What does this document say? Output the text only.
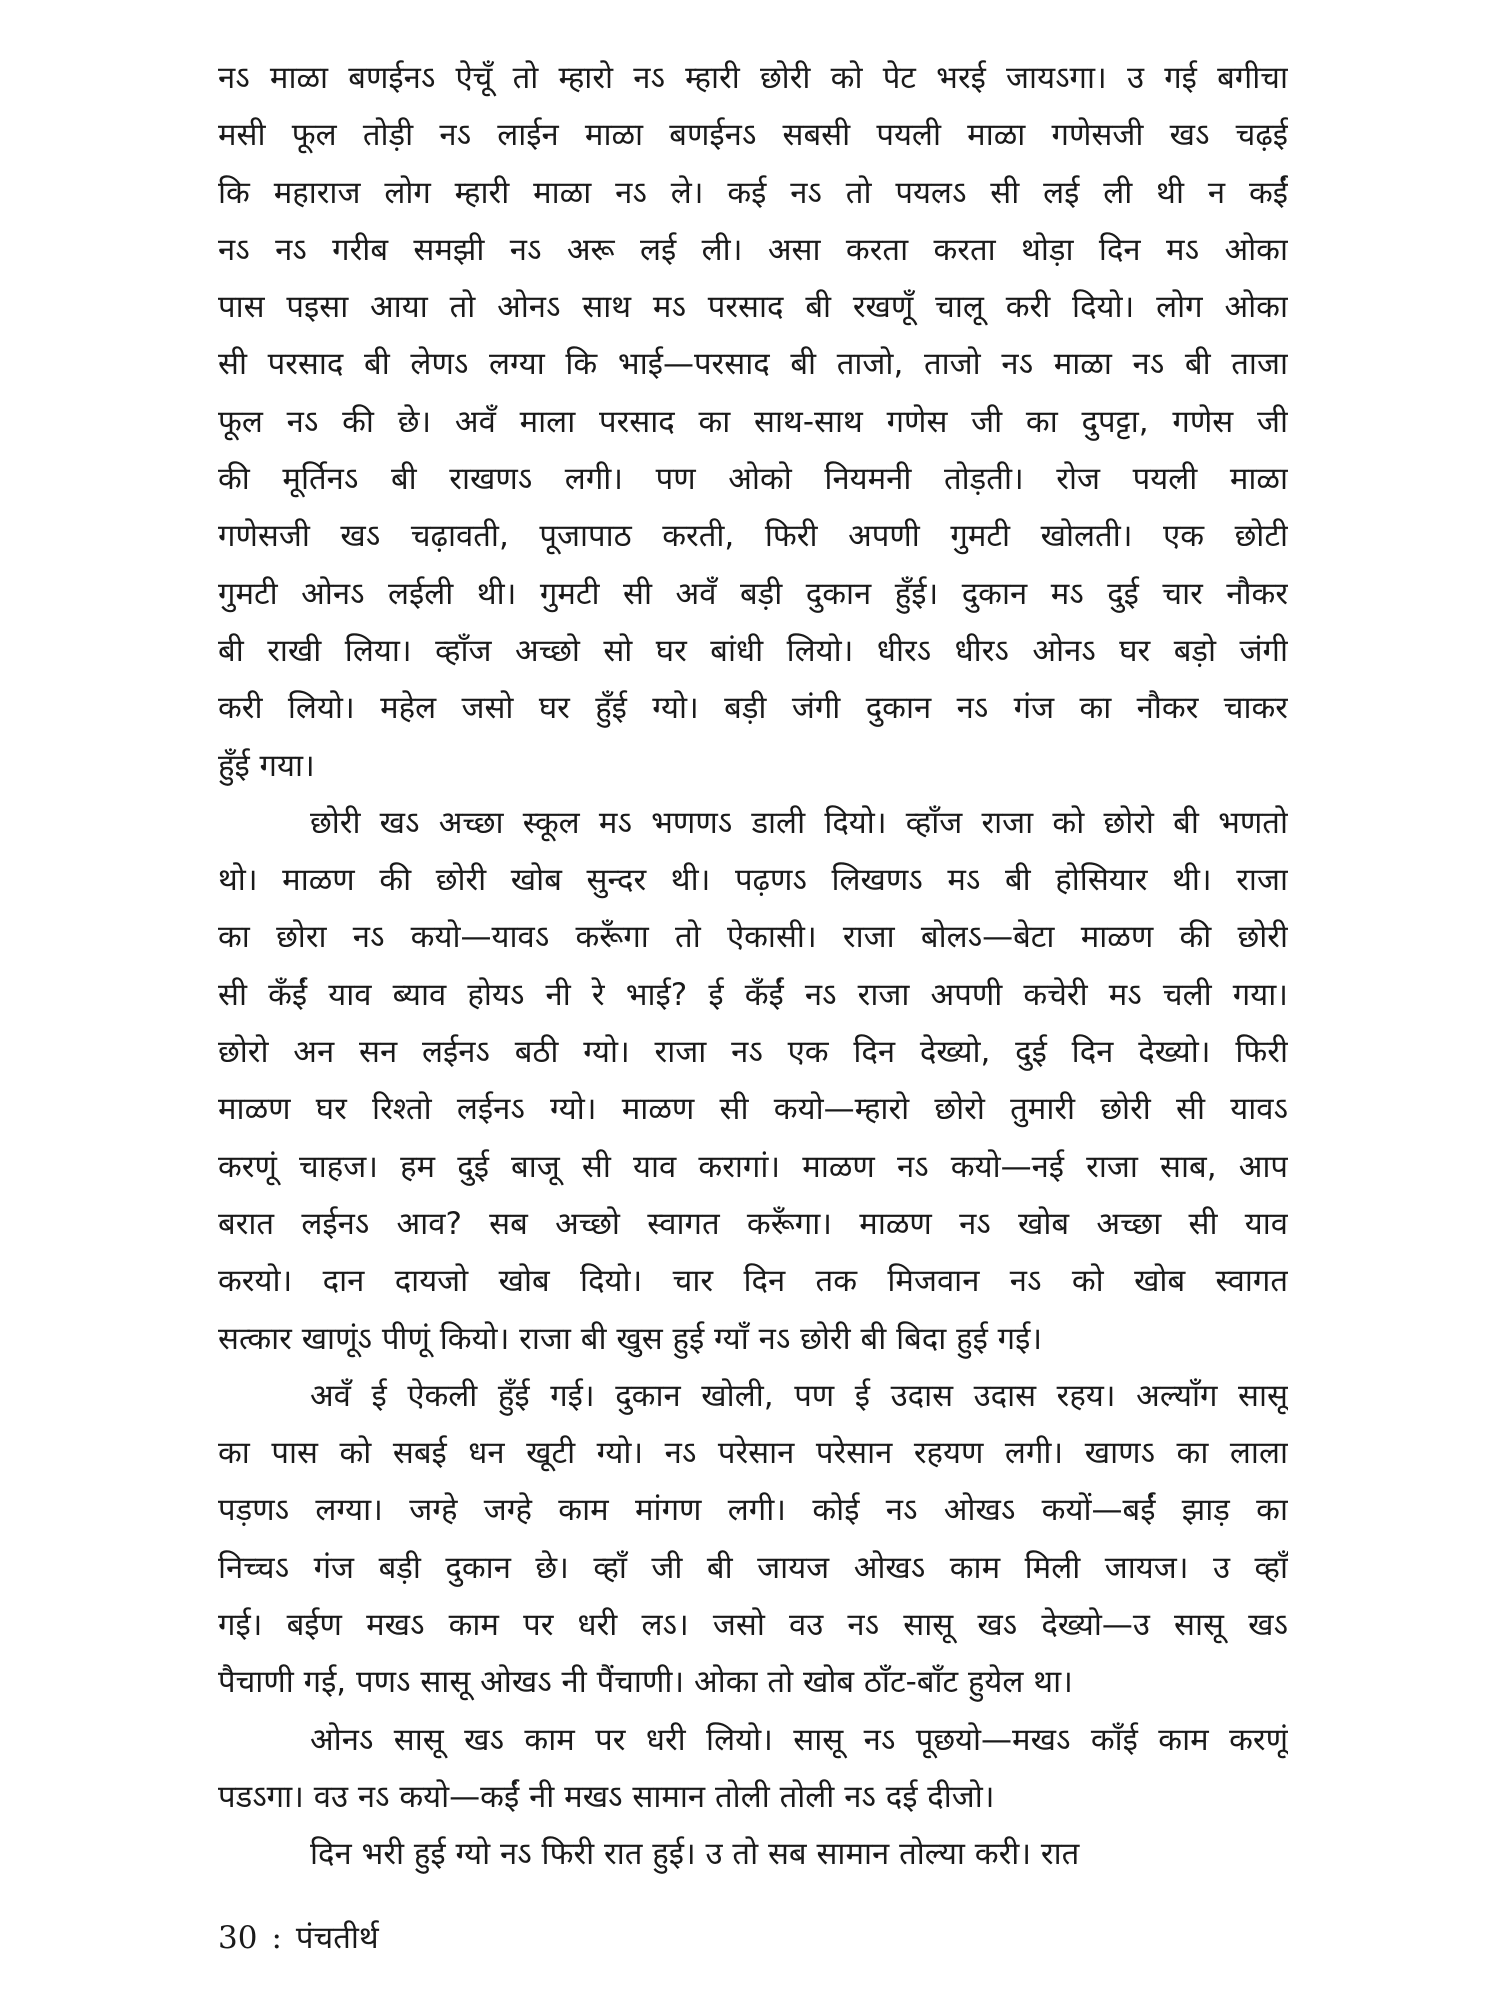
नऽ माळा बणईनऽ ऐचूँ तो म्हारो नऽ म्हारी छोरी को पेट भरई जायऽगा। उ गई बगीचा
मसी फूल तोड़ी नऽ लाईन माळा बणईनऽ सबसी पयली माळा गणेसजी खऽ चढ़ई
कि महाराज लोग म्हारी माळा नऽ ले। कई नऽ तो पयलऽ सी लई ली थी न कईं
नऽ नऽ गरीब समझी नऽ अरू लई ली। असा करता करता थोड़ा दिन मऽ ओका
पास पइसा आया तो ओनऽ साथ मऽ परसाद बी रखणूँ चालू करी दियो। लोग ओका
सी परसाद बी लेणऽ लग्या कि भाई—परसाद बी ताजो, ताजो नऽ माळा नऽ बी ताजा
फूल नऽ की छे। अवँ माला परसाद का साथ-साथ गणेस जी का दुपट्टा, गणेस जी
की मूर्तिनऽ बी राखणऽ लगी। पण ओको नियमनी तोड़ती। रोज पयली माळा
गणेसजी खऽ चढ़ावती, पूजापाठ करती, फिरी अपणी गुमटी खोलती। एक छोटी
गुमटी ओनऽ लईली थी। गुमटी सी अवँ बड़ी दुकान हुँई। दुकान मऽ दुई चार नौकर
बी राखी लिया। व्हाँज अच्छो सो घर बांधी लियो। धीरऽ धीरऽ ओनऽ घर बड़ो जंगी
करी लियो। महेल जसो घर हुँई ग्यो। बड़ी जंगी दुकान नऽ गंज का नौकर चाकर
हुँई गया।
छोरी खऽ अच्छा स्कूल मऽ भणणऽ डाली दियो। व्हाँज राजा को छोरो बी भणतो
थो। माळण की छोरी खोब सुन्दर थी। पढ़णऽ लिखणऽ मऽ बी होसियार थी। राजा
का छोरा नऽ कयो—यावऽ करूँगा तो ऐकासी। राजा बोलऽ—बेटा माळण की छोरी
सी कँईं याव ब्याव होयऽ नी रे भाई? ई कँईं नऽ राजा अपणी कचेरी मऽ चली गया।
छोरो अन सन लईनऽ बठी ग्यो। राजा नऽ एक दिन देख्यो, दुई दिन देख्यो। फिरी
माळण घर रिश्तो लईनऽ ग्यो। माळण सी कयो—म्हारो छोरो तुमारी छोरी सी यावऽ
करणूं चाहज। हम दुई बाजू सी याव करागां। माळण नऽ कयो—नई राजा साब, आप
बरात लईनऽ आव? सब अच्छो स्वागत करूँगा। माळण नऽ खोब अच्छा सी याव
करयो। दान दायजो खोब दियो। चार दिन तक मिजवान नऽ को खोब स्वागत
सत्कार खाणूंऽ पीणूं कियो। राजा बी खुस हुई ग्याँ नऽ छोरी बी बिदा हुई गई।
अवँ ई ऐकली हुँई गई। दुकान खोली, पण ई उदास उदास रहय। अल्याँग सासू
का पास को सबई धन खूटी ग्यो। नऽ परेसान परेसान रहयण लगी। खाणऽ का लाला
पड़णऽ लग्या। जग्हे जग्हे काम मांगण लगी। कोई नऽ ओखऽ कयों—बईं झाड़ का
निच्चऽ गंज बड़ी दुकान छे। व्हाँ जी बी जायज ओखऽ काम मिली जायज। उ व्हाँ
गई। बईण मखऽ काम पर धरी लऽ। जसो वउ नऽ सासू खऽ देख्यो—उ सासू खऽ
पैचाणी गई, पणऽ सासू ओखऽ नी पैंचाणी। ओका तो खोब ठाँट-बाँट हुयेल था।
ओनऽ सासू खऽ काम पर धरी लियो। सासू नऽ पूछयो—मखऽ काँई काम करणूं
पडऽगा। वउ नऽ कयो—कईं नी मखऽ सामान तोली तोली नऽ दई दीजो।
दिन भरी हुई ग्यो नऽ फिरी रात हुई। उ तो सब सामान तोल्या करी। रात
30 : पंचतीर्थ
